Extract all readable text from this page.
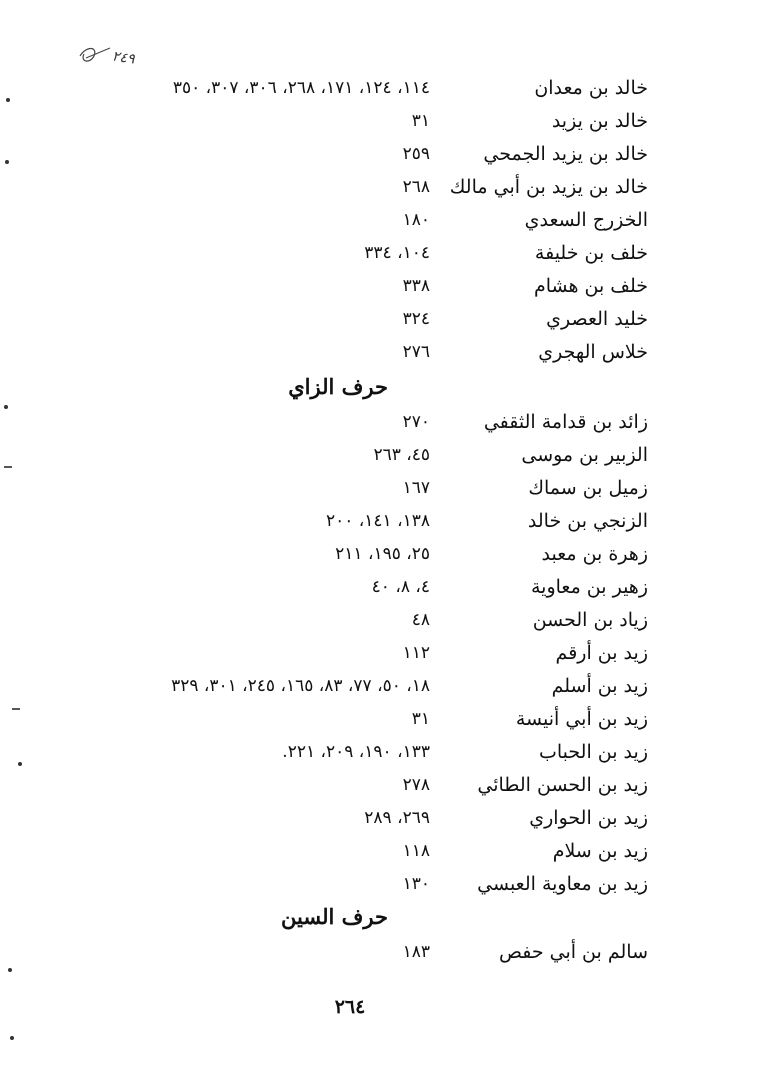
٢٤٩
خالد بن معدان
١١٤، ١٢٤، ١٧١، ٢٦٨، ٣٠٦، ٣٠٧، ٣٥٠
خالد بن يزيد
٣١
خالد بن يزيد الجمحي
٢٥٩
خالد بن يزيد بن أبي مالك
٢٦٨
الخزرج السعدي
١٨٠
خلف بن خليفة
١٠٤، ٣٣٤
خلف بن هشام
٣٣٨
خليد العصري
٣٢٤
خلاس الهجري
٢٧٦
حرف الزاي
زائد بن قدامة الثقفي
٢٧٠
الزبير بن موسى
٤٥، ٢٦٣
زميل بن سماك
١٦٧
الزنجي بن خالد
١٣٨، ١٤١، ٢٠٠
زهرة بن معبد
٢٥، ١٩٥، ٢١١
زهير بن معاوية
٤، ٨، ٤٠
زياد بن الحسن
٤٨
زيد بن أرقم
١١٢
زيد بن أسلم
١٨، ٥٠، ٧٧، ٨٣، ١٦٥، ٢٤٥، ٣٠١، ٣٢٩
زيد بن أبي أنيسة
٣١
زيد بن الحباب
١٣٣، ١٩٠، ٢٠٩، ٢٢١.
زيد بن الحسن الطائي
٢٧٨
زيد بن الحواري
٢٦٩، ٢٨٩
زيد بن سلام
١١٨
زيد بن معاوية العبسي
١٣٠
حرف السين
سالم بن أبي حفص
١٨٣
٢٦٤
